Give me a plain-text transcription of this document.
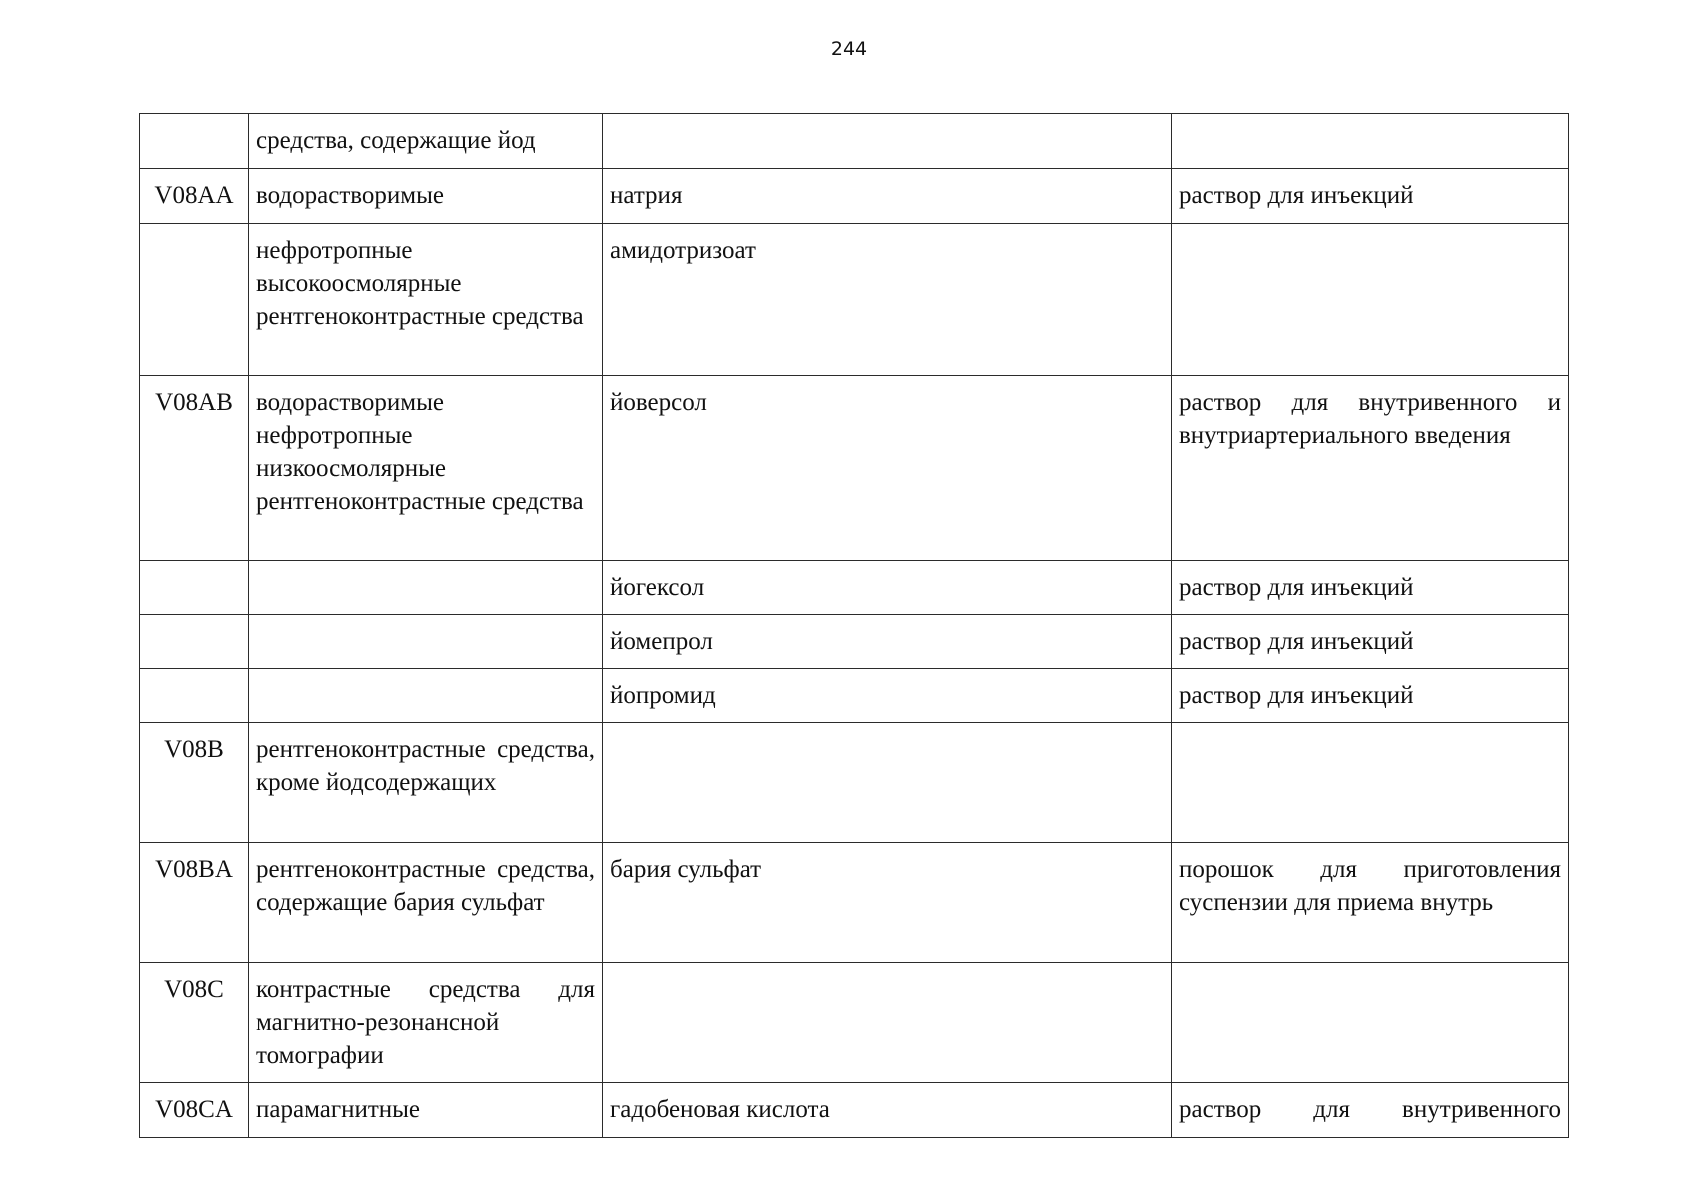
244
	средства, содержащие йод		
V08AA	водорастворимые	натрия	раствор для инъекций
	нефротропные высокоосмолярные рентгеноконтрастные средства	амидотризоат	
V08AB	водорастворимые нефротропные низкоосмолярные рентгеноконтрастные средства	йоверсол	раствор для внутривенного и внутриартериального введения
		йогексол	раствор для инъекций
		йомепрол	раствор для инъекций
		йопромид	раствор для инъекций
V08B	рентгеноконтрастные средства, кроме йодсодержащих		
V08BA	рентгеноконтрастные средства, содержащие бария сульфат	бария сульфат	порошок для приготовления суспензии для приема внутрь
V08C	контрастные средства для магнитно-резонансной томографии		
V08CA	парамагнитные	гадобеновая кислота	раствор для внутривенного
